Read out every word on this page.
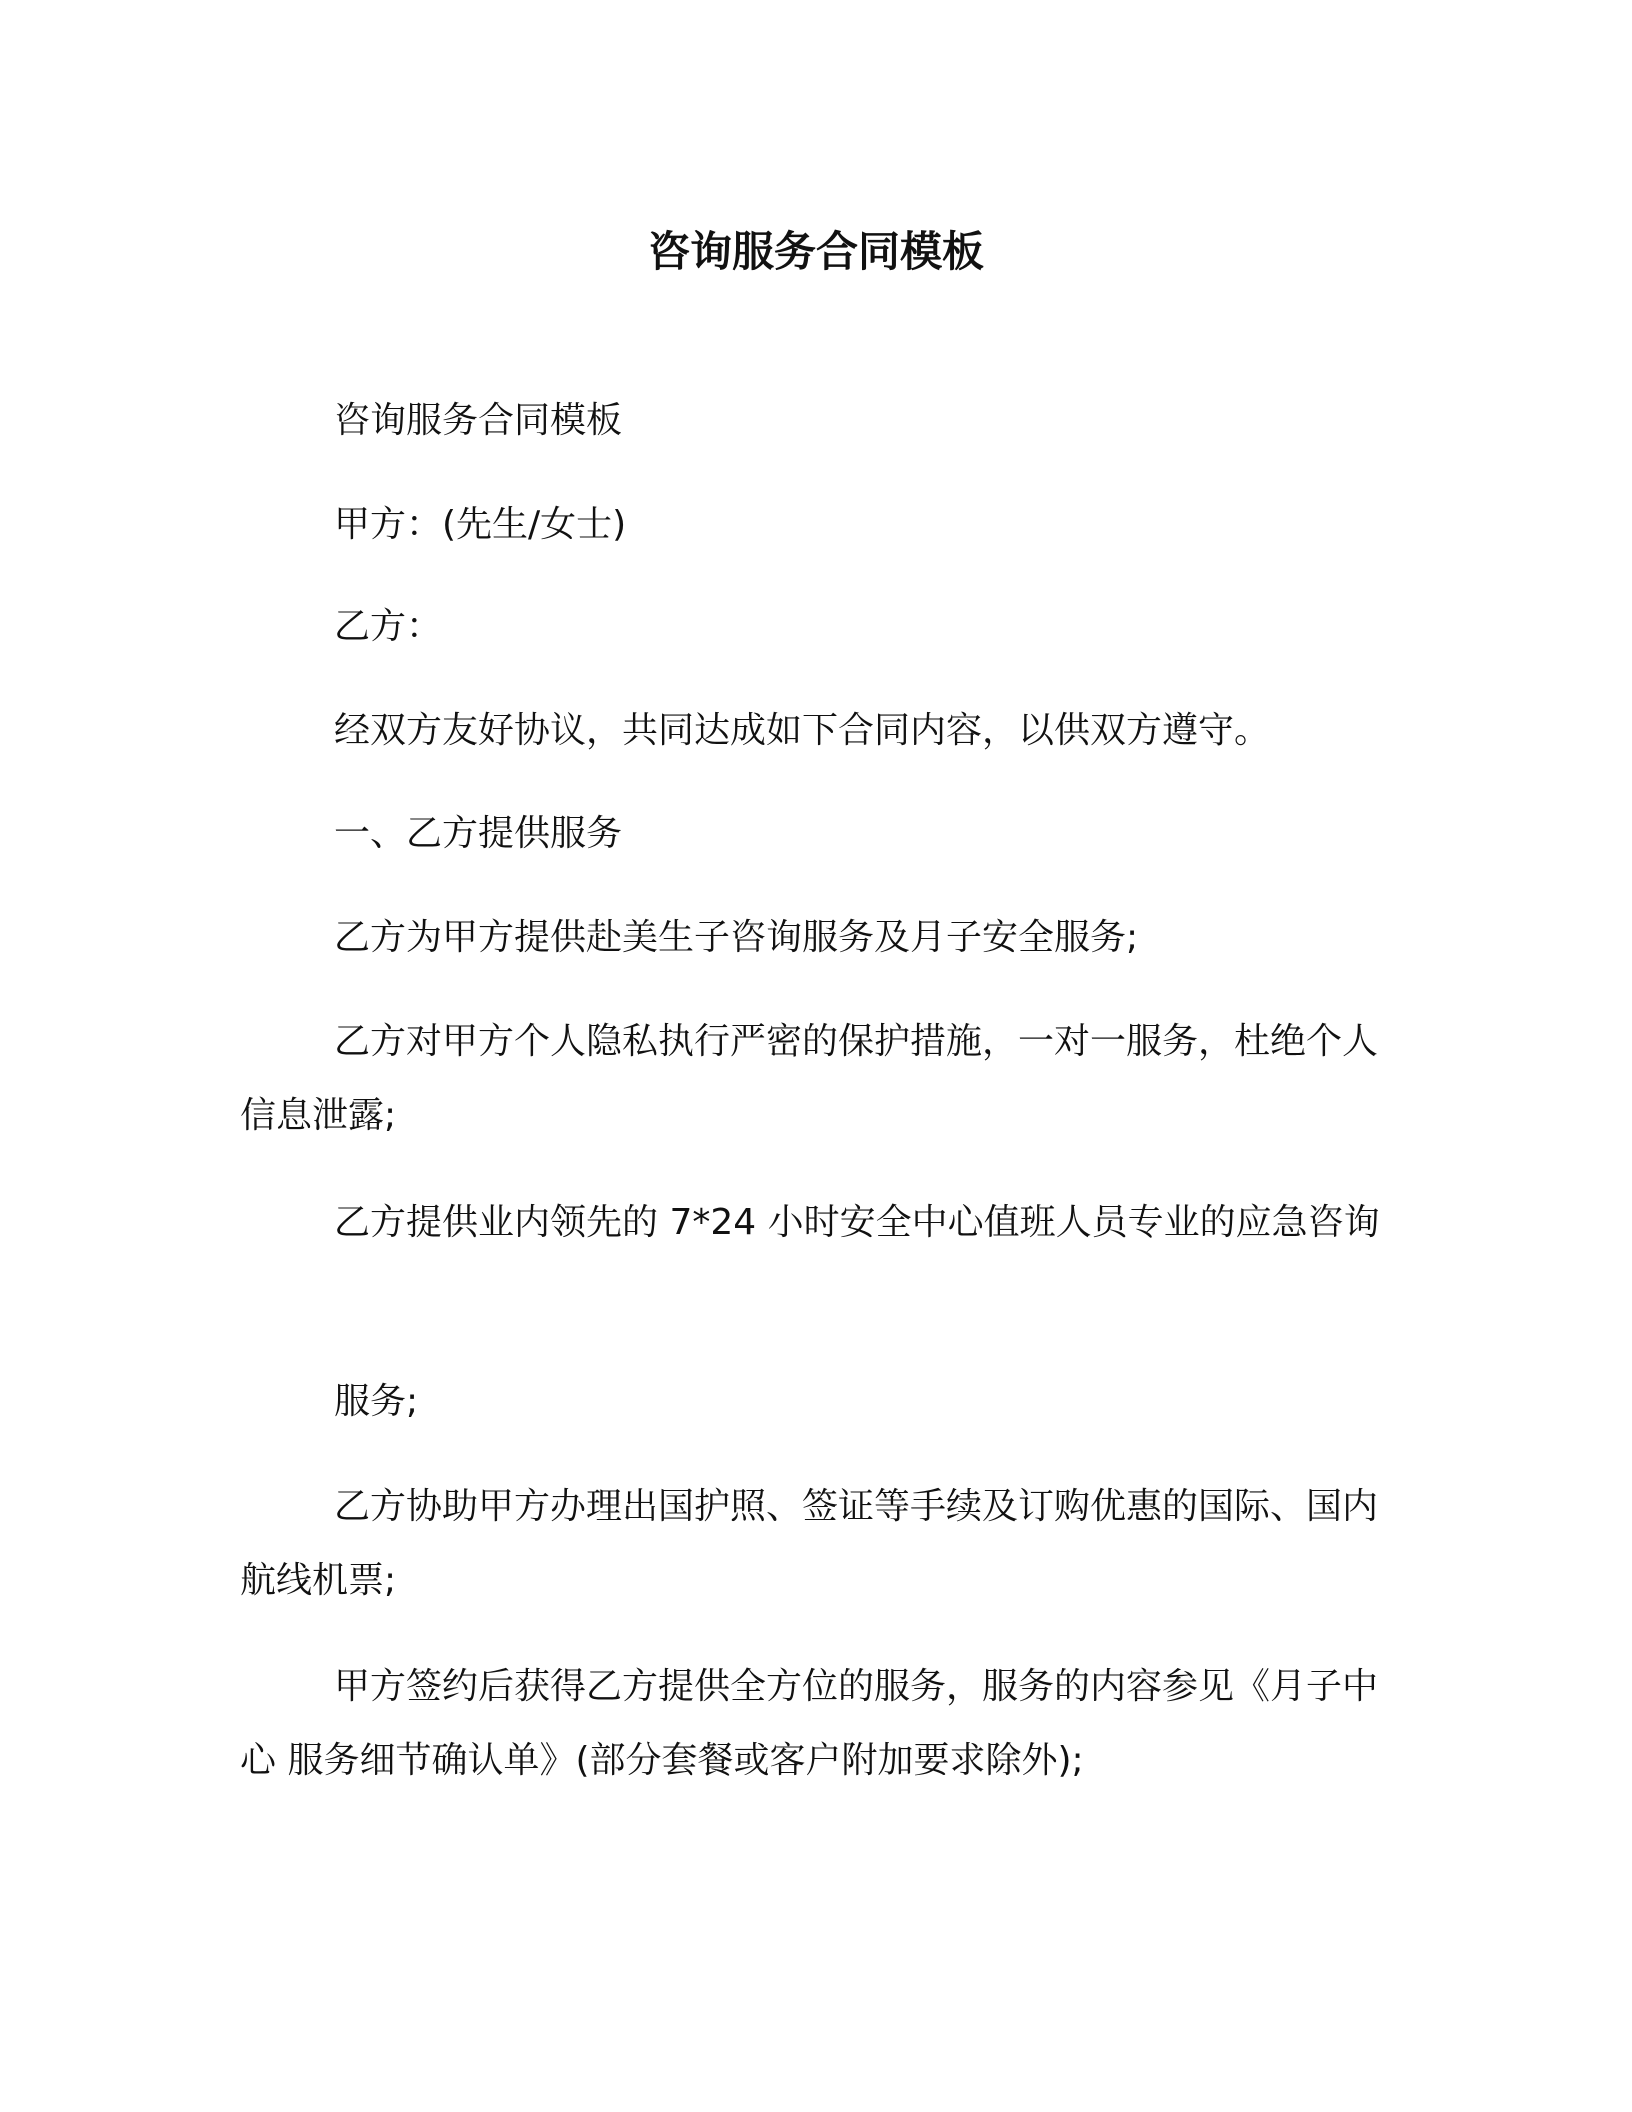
咨询服务合同模板

咨询服务合同模板

甲方：(先生/女士)

乙方：

经双方友好协议，共同达成如下合同内容，以供双方遵守。

一、乙方提供服务

乙方为甲方提供赴美生子咨询服务及月子安全服务;

乙方对甲方个人隐私执行严密的保护措施，一对一服务，杜绝个人信息泄露;

乙方提供业内领先的 7*24 小时安全中心值班人员专业的应急咨询

服务;

乙方协助甲方办理出国护照、签证等手续及订购优惠的国际、国内航线机票;

甲方签约后获得乙方提供全方位的服务，服务的内容参见《月子中心 服务细节确认单》(部分套餐或客户附加要求除外);
